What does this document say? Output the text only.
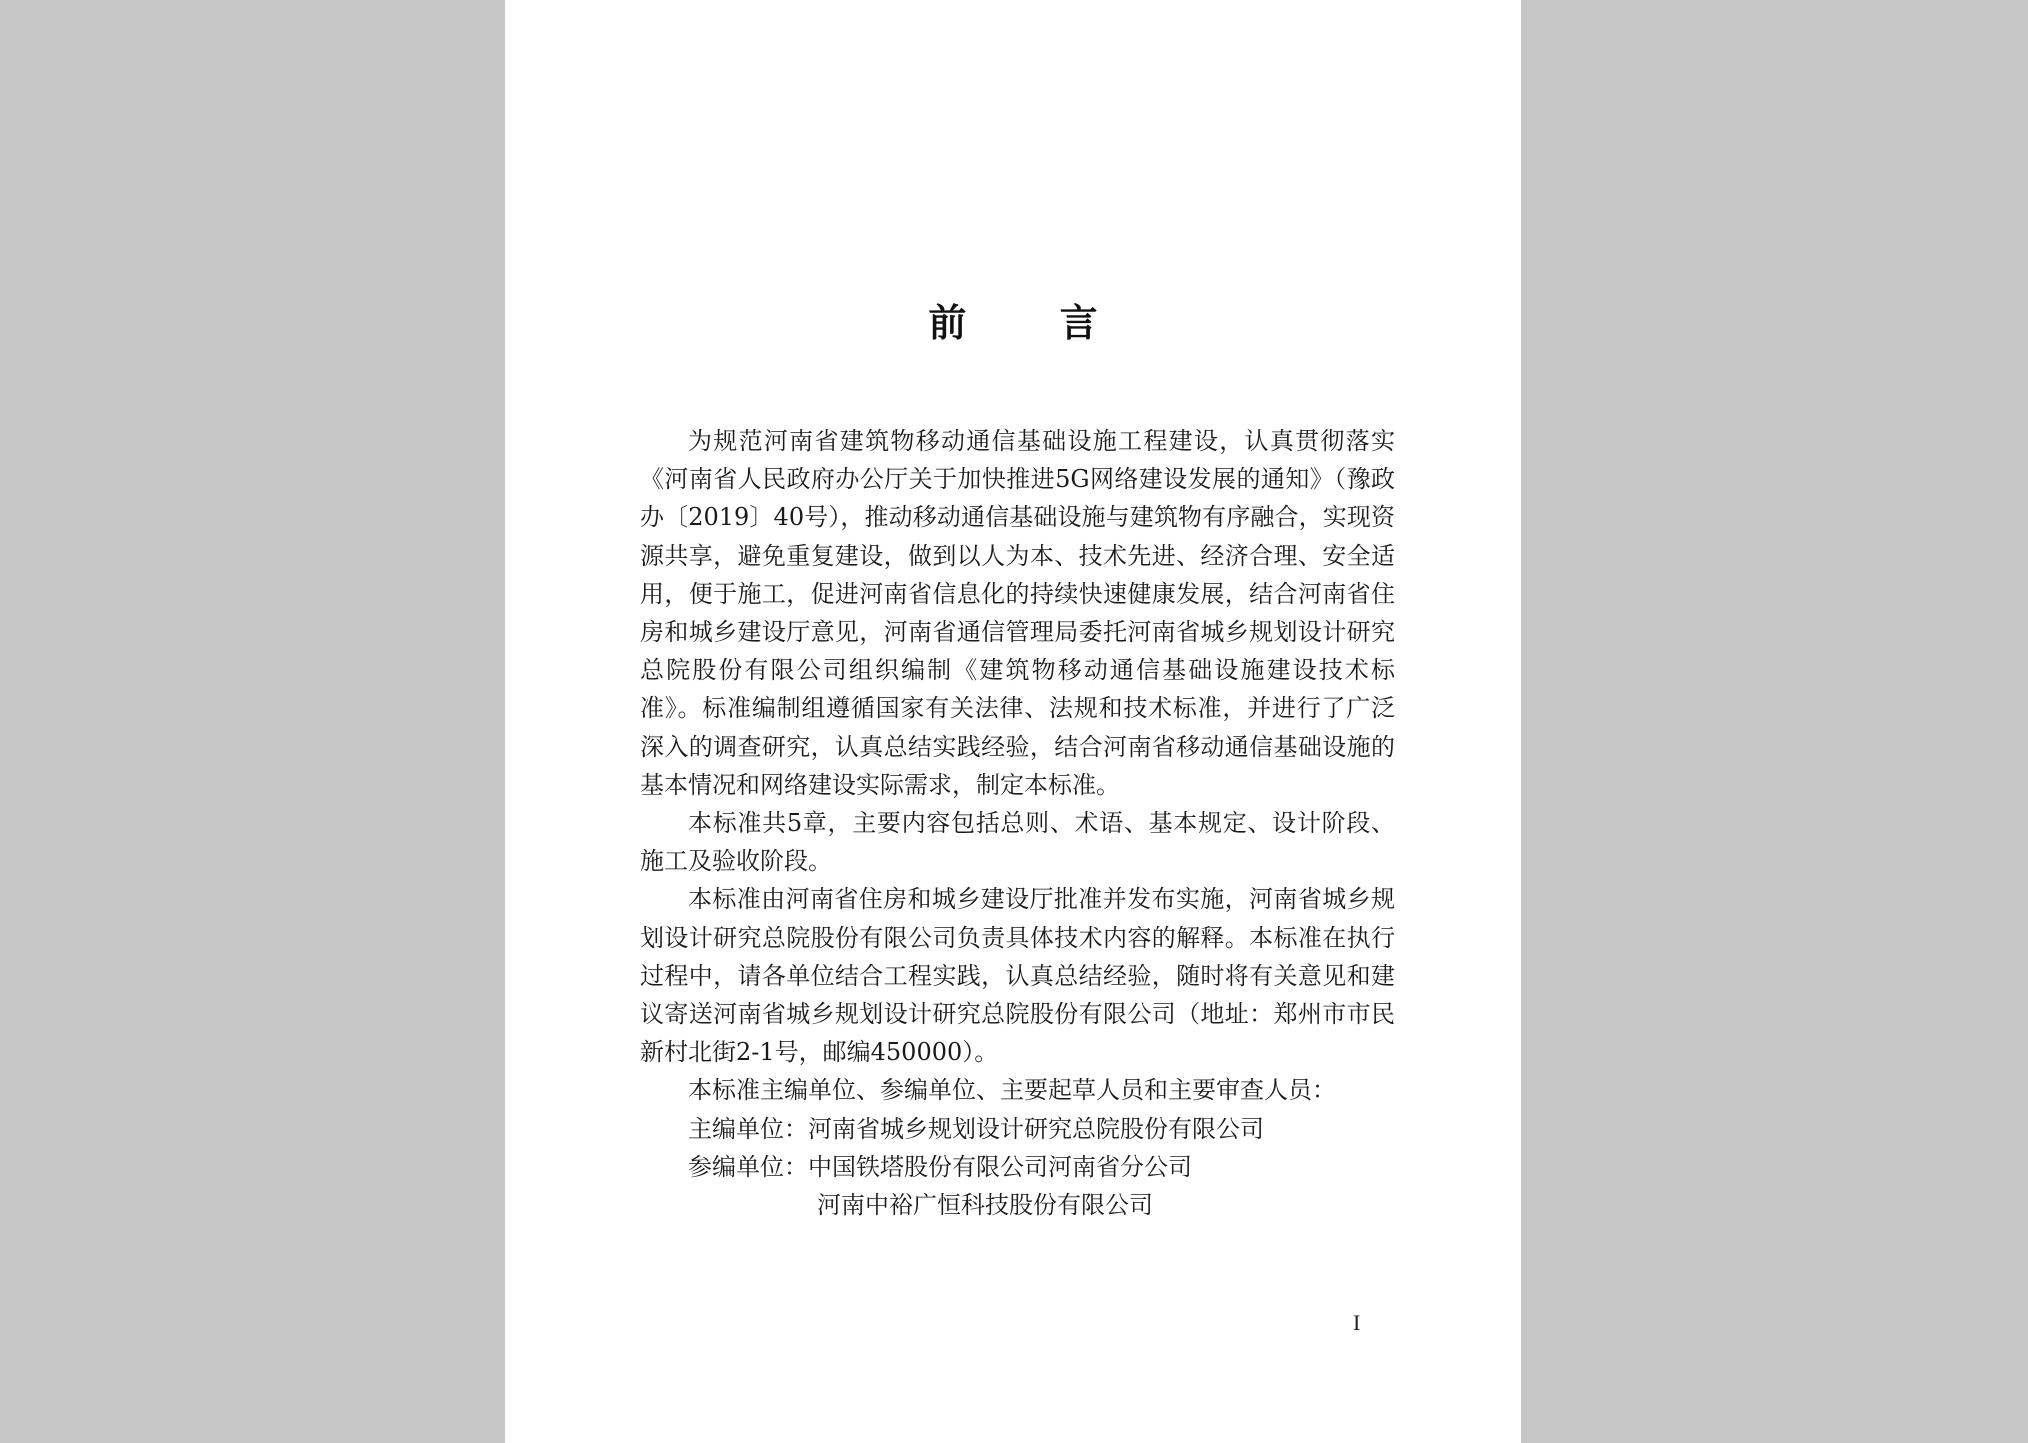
前 言

为规范河南省建筑物移动通信基础设施工程建设，认真贯彻落实《河南省人民政府办公厅关于加快推进5G网络建设发展的通知》（豫政办〔2019〕40号），推动移动通信基础设施与建筑物有序融合，实现资源共享，避免重复建设，做到以人为本、技术先进、经济合理、安全适用，便于施工，促进河南省信息化的持续快速健康发展，结合河南省住房和城乡建设厅意见，河南省通信管理局委托河南省城乡规划设计研究总院股份有限公司组织编制《建筑物移动通信基础设施建设技术标准》。标准编制组遵循国家有关法律、法规和技术标准，并进行了广泛深入的调查研究，认真总结实践经验，结合河南省移动通信基础设施的基本情况和网络建设实际需求，制定本标准。

本标准共5章，主要内容包括总则、术语、基本规定、设计阶段、施工及验收阶段。

本标准由河南省住房和城乡建设厅批准并发布实施，河南省城乡规划设计研究总院股份有限公司负责具体技术内容的解释。本标准在执行过程中，请各单位结合工程实践，认真总结经验，随时将有关意见和建议寄送河南省城乡规划设计研究总院股份有限公司（地址：郑州市市民新村北街2-1号，邮编450000）。

本标准主编单位、参编单位、主要起草人员和主要审查人员：

主编单位：河南省城乡规划设计研究总院股份有限公司

参编单位：中国铁塔股份有限公司河南省分公司

河南中裕广恒科技股份有限公司

I
